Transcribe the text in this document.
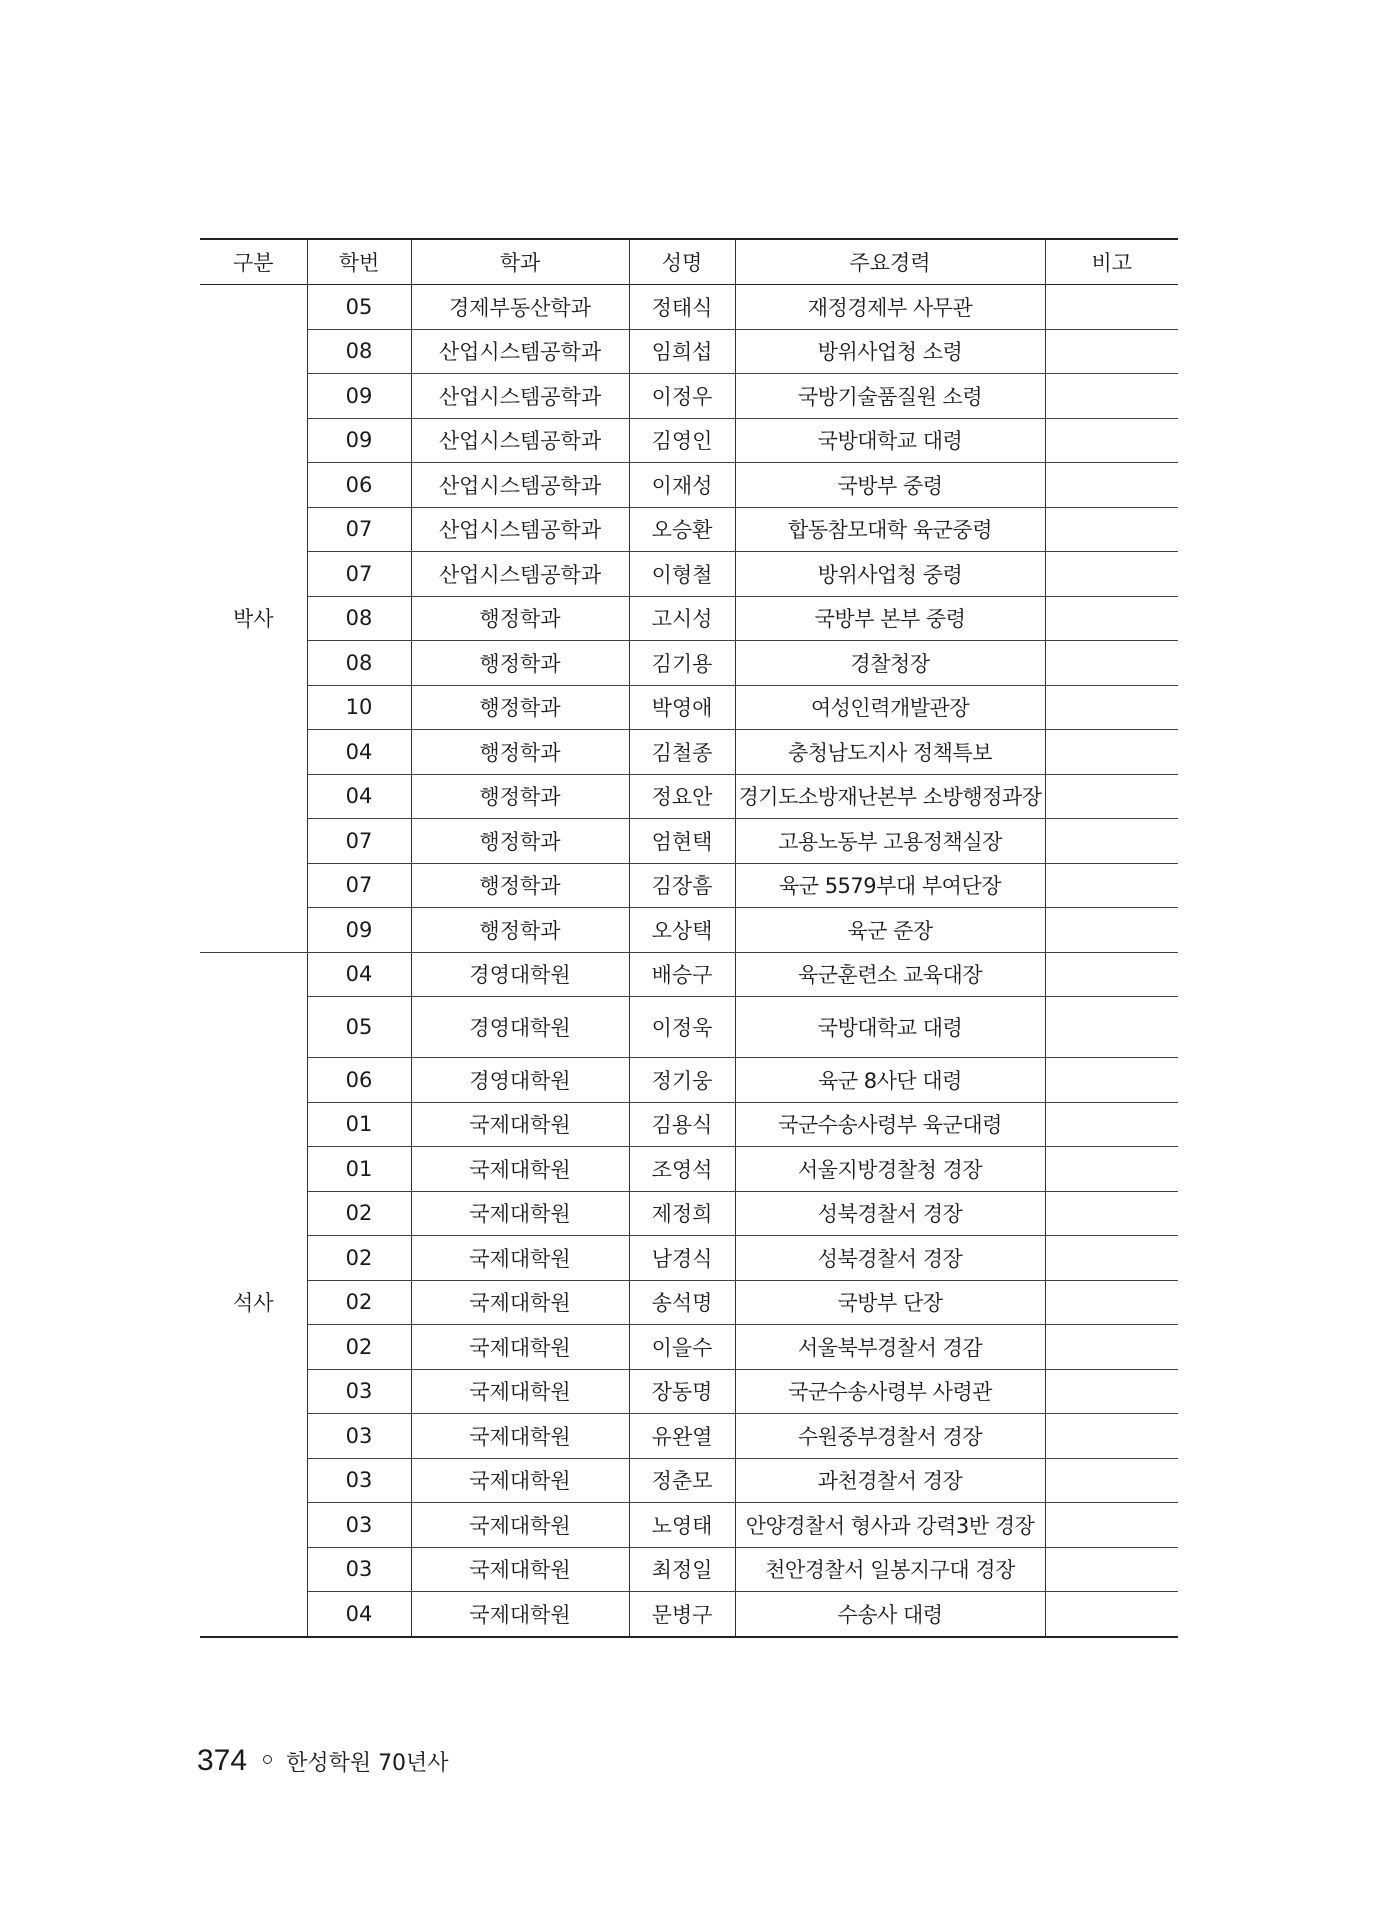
구분	학번	학과	성명	주요경력	비고
	05	경제부동산학과	정태식	재정경제부 사무관	
	08	산업시스템공학과	임희섭	방위사업청 소령	
	09	산업시스템공학과	이정우	국방기술품질원 소령	
	09	산업시스템공학과	김영인	국방대학교 대령	
	06	산업시스템공학과	이재성	국방부 중령	
	07	산업시스템공학과	오승환	합동참모대학 육군중령	
	07	산업시스템공학과	이형철	방위사업청 중령	
박사	08	행정학과	고시성	국방부 본부 중령	
	08	행정학과	김기용	경찰청장	
	10	행정학과	박영애	여성인력개발관장	
	04	행정학과	김철종	충청남도지사 정책특보	
	04	행정학과	정요안	경기도소방재난본부 소방행정과장	
	07	행정학과	엄현택	고용노동부 고용정책실장	
	07	행정학과	김장흠	육군 5579부대 부여단장	
	09	행정학과	오상택	육군 준장	
	04	경영대학원	배승구	육군훈련소 교육대장	
	05	경영대학원	이정욱	국방대학교 대령	
	06	경영대학원	정기웅	육군 8사단 대령	
	01	국제대학원	김용식	국군수송사령부 육군대령	
	01	국제대학원	조영석	서울지방경찰청 경장	
	02	국제대학원	제정희	성북경찰서 경장	
	02	국제대학원	남경식	성북경찰서 경장	
석사	02	국제대학원	송석명	국방부 단장	
	02	국제대학원	이을수	서울북부경찰서 경감	
	03	국제대학원	장동명	국군수송사령부 사령관	
	03	국제대학원	유완열	수원중부경찰서 경장	
	03	국제대학원	정춘모	과천경찰서 경장	
	03	국제대학원	노영태	안양경찰서 형사과 강력3반 경장	
	03	국제대학원	최정일	천안경찰서 일봉지구대 경장	
	04	국제대학원	문병구	수송사 대령	
374 한성학원 70년사
